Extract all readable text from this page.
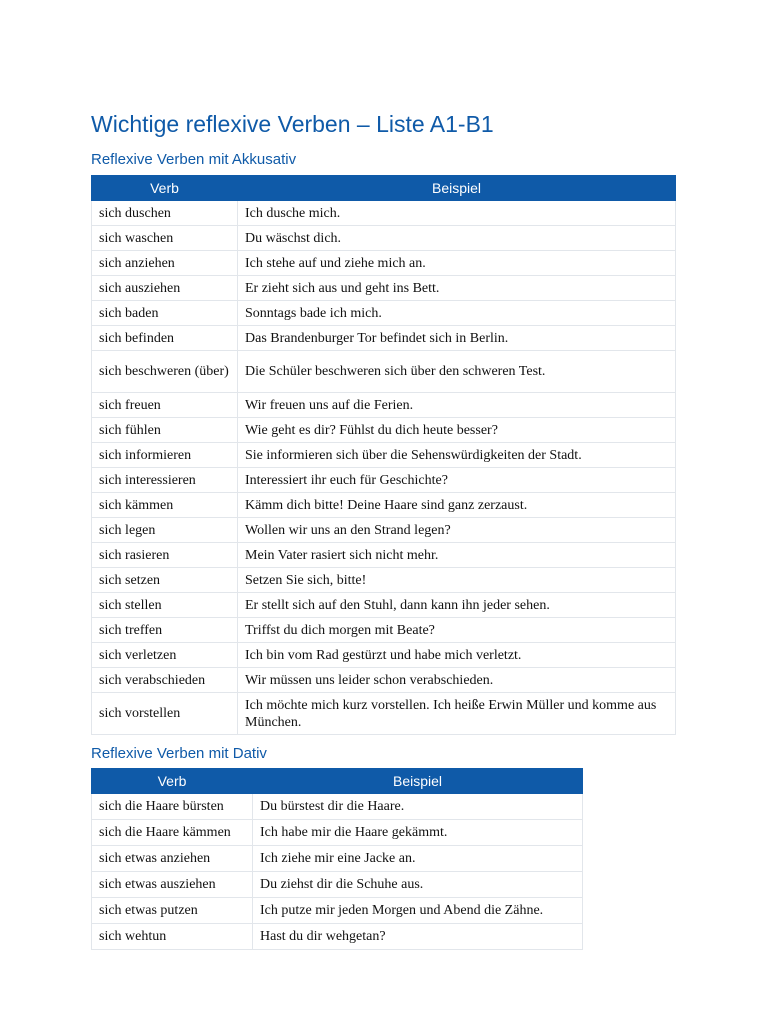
Wichtige reflexive Verben – Liste A1-B1
Reflexive Verben mit Akkusativ
Verb	Beispiel
sich duschen	Ich dusche mich.
sich waschen	Du wäschst dich.
sich anziehen	Ich stehe auf und ziehe mich an.
sich ausziehen	Er zieht sich aus und geht ins Bett.
sich baden	Sonntags bade ich mich.
sich befinden	Das Brandenburger Tor befindet sich in Berlin.
sich beschweren (über)	Die Schüler beschweren sich über den schweren Test.
sich freuen	Wir freuen uns auf die Ferien.
sich fühlen	Wie geht es dir? Fühlst du dich heute besser?
sich informieren	Sie informieren sich über die Sehenswürdigkeiten der Stadt.
sich interessieren	Interessiert ihr euch für Geschichte?
sich kämmen	Kämm dich bitte! Deine Haare sind ganz zerzaust.
sich legen	Wollen wir uns an den Strand legen?
sich rasieren	Mein Vater rasiert sich nicht mehr.
sich setzen	Setzen Sie sich, bitte!
sich stellen	Er stellt sich auf den Stuhl, dann kann ihn jeder sehen.
sich treffen	Triffst du dich morgen mit Beate?
sich verletzen	Ich bin vom Rad gestürzt und habe mich verletzt.
sich verabschieden	Wir müssen uns leider schon verabschieden.
sich vorstellen	Ich möchte mich kurz vorstellen. Ich heiße Erwin Müller und komme aus München.
Reflexive Verben mit Dativ
Verb	Beispiel
sich die Haare bürsten	Du bürstest dir die Haare.
sich die Haare kämmen	Ich habe mir die Haare gekämmt.
sich etwas anziehen	Ich ziehe mir eine Jacke an.
sich etwas ausziehen	Du ziehst dir die Schuhe aus.
sich etwas putzen	Ich putze mir jeden Morgen und Abend die Zähne.
sich wehtun	Hast du dir wehgetan?
